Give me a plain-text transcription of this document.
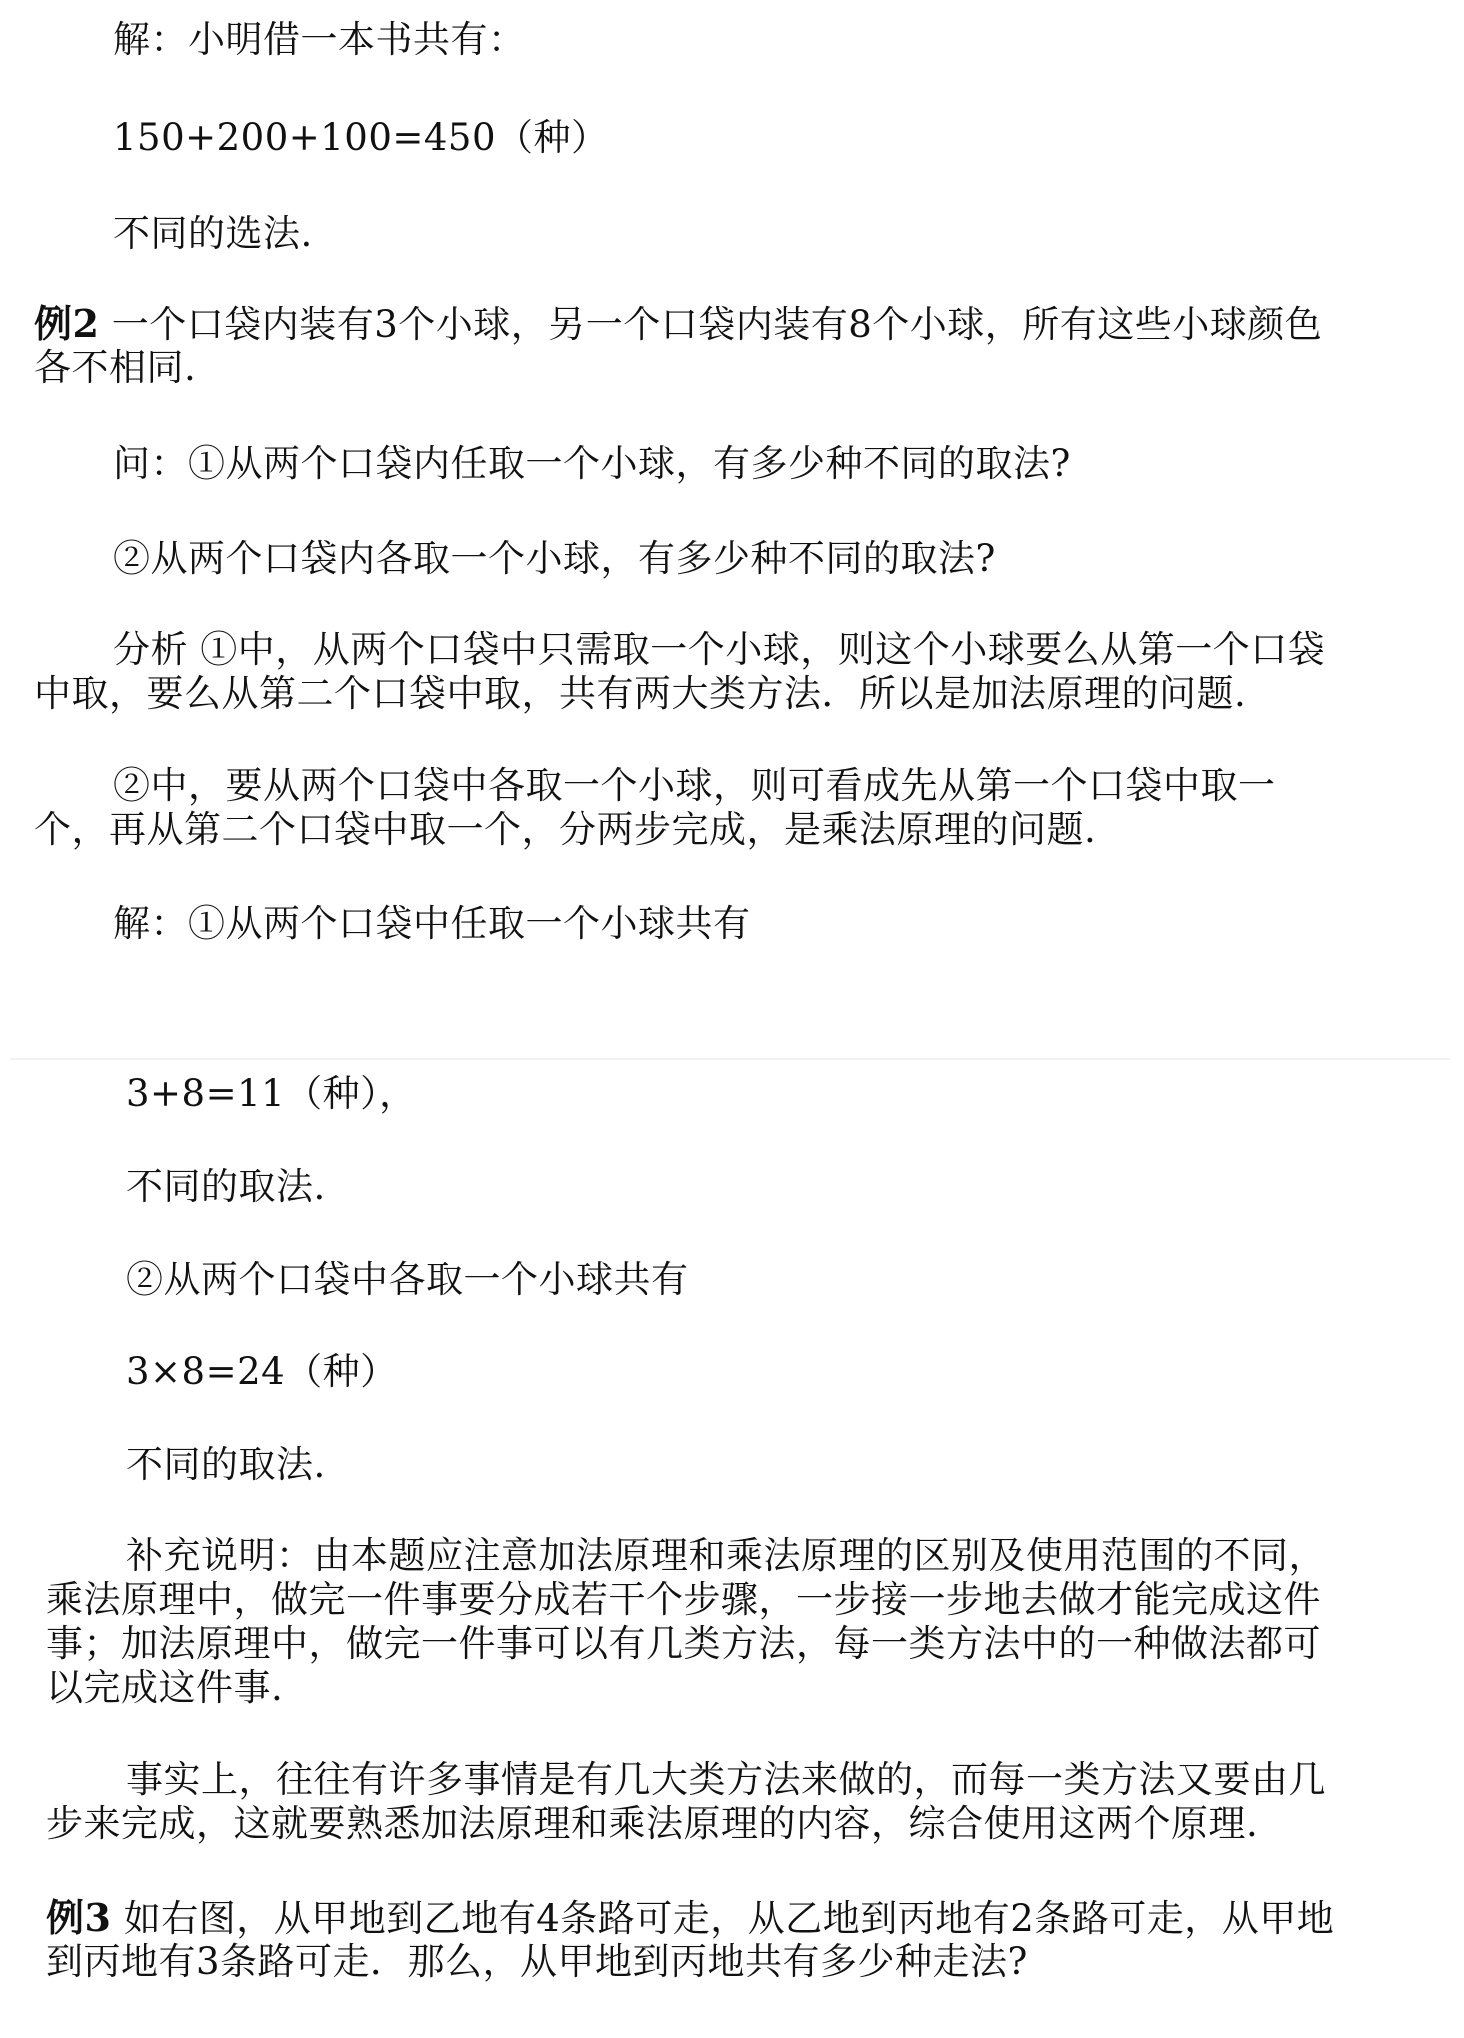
解：小明借一本书共有：
150+200+100=450（种）
不同的选法.
例2 一个口袋内装有3个小球，另一个口袋内装有8个小球，所有这些小球颜色
各不相同.
问：①从两个口袋内任取一个小球，有多少种不同的取法?
②从两个口袋内各取一个小球，有多少种不同的取法?
分析 ①中，从两个口袋中只需取一个小球，则这个小球要么从第一个口袋
中取，要么从第二个口袋中取，共有两大类方法．所以是加法原理的问题.
②中，要从两个口袋中各取一个小球，则可看成先从第一个口袋中取一
个，再从第二个口袋中取一个，分两步完成，是乘法原理的问题.
解：①从两个口袋中任取一个小球共有
3+8=11（种），
不同的取法.
②从两个口袋中各取一个小球共有
3×8=24（种）
不同的取法.
补充说明：由本题应注意加法原理和乘法原理的区别及使用范围的不同，
乘法原理中，做完一件事要分成若干个步骤，一步接一步地去做才能完成这件
事；加法原理中，做完一件事可以有几类方法，每一类方法中的一种做法都可
以完成这件事.
事实上，往往有许多事情是有几大类方法来做的，而每一类方法又要由几
步来完成，这就要熟悉加法原理和乘法原理的内容，综合使用这两个原理.
例3 如右图，从甲地到乙地有4条路可走，从乙地到丙地有2条路可走，从甲地
到丙地有3条路可走．那么，从甲地到丙地共有多少种走法?
